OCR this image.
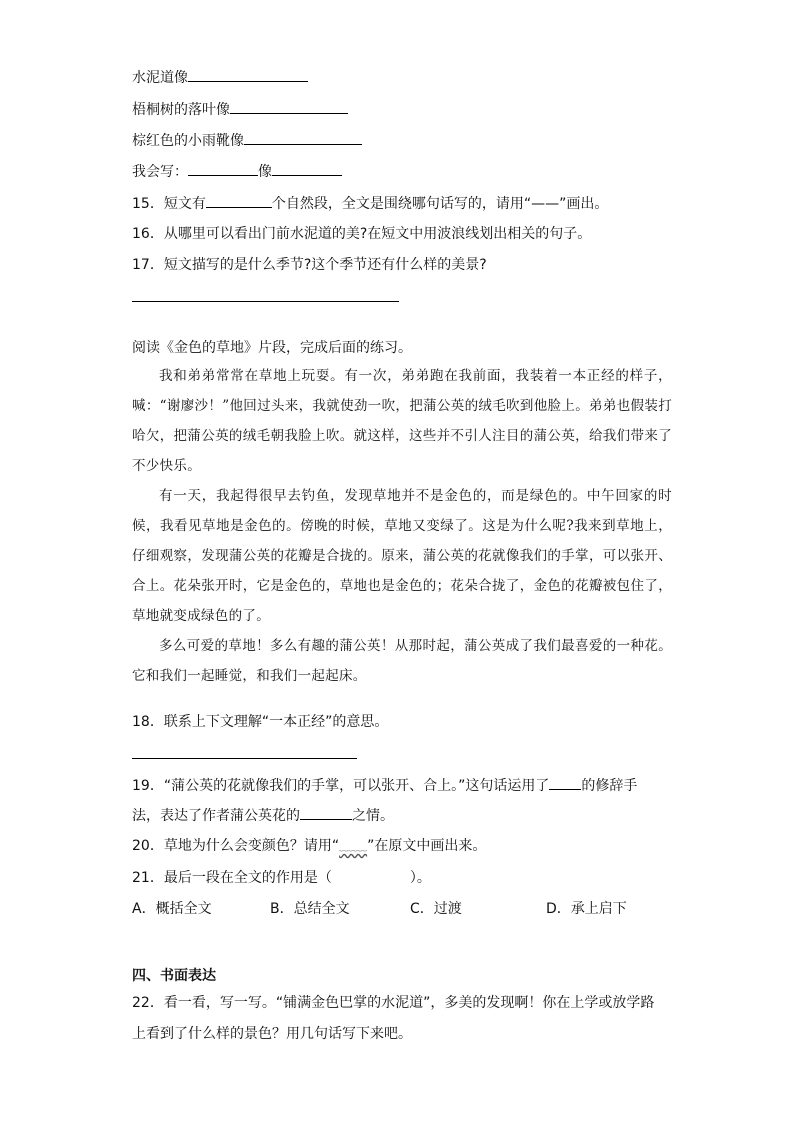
水泥道像
梧桐树的落叶像
棕红色的小雨靴像
我会写：	像
15．短文有	个自然段，全文是围绕哪句话写的，请用“——”画出。
16．从哪里可以看出门前水泥道的美?在短文中用波浪线划出相关的句子。
17．短文描写的是什么季节?这个季节还有什么样的美景?
阅读《金色的草地》片段，完成后面的练习。

我和弟弟常常在草地上玩耍。有一次，弟弟跑在我前面，我装着一本正经的样子，喊：“谢廖沙！”他回过头来，我就使劲一吹，把蒲公英的绒毛吹到他脸上。弟弟也假装打哈欠，把蒲公英的绒毛朝我脸上吹。就这样，这些并不引人注目的蒲公英，给我们带来了不少快乐。

有一天，我起得很早去钓鱼，发现草地并不是金色的，而是绿色的。中午回家的时候，我看见草地是金色的。傍晚的时候，草地又变绿了。这是为什么呢?我来到草地上，仔细观察，发现蒲公英的花瓣是合拢的。原来，蒲公英的花就像我们的手掌，可以张开、合上。花朵张开时，它是金色的，草地也是金色的；花朵合拢了，金色的花瓣被包住了，草地就变成绿色的了。

多么可爱的草地！多么有趣的蒲公英！从那时起，蒲公英成了我们最喜爱的一种花。它和我们一起睡觉，和我们一起起床。

18．联系上下文理解“一本正经”的意思。
19．“蒲公英的花就像我们的手掌，可以张开、合上。”这句话运用了 的修辞手
法，表达了作者蒲公英花的	之情。
20．草地为什么会变颜色？请用“﹏﹏”在原文中画出来。
21．最后一段在全文的作用是（	）。
A．概括全文	B．总结全文	C．过渡	D．承上启下
四、书面表达
22．看一看，写一写。“铺满金色巴掌的水泥道”，多美的发现啊！你在上学或放学路
上看到了什么样的景色？用几句话写下来吧。
